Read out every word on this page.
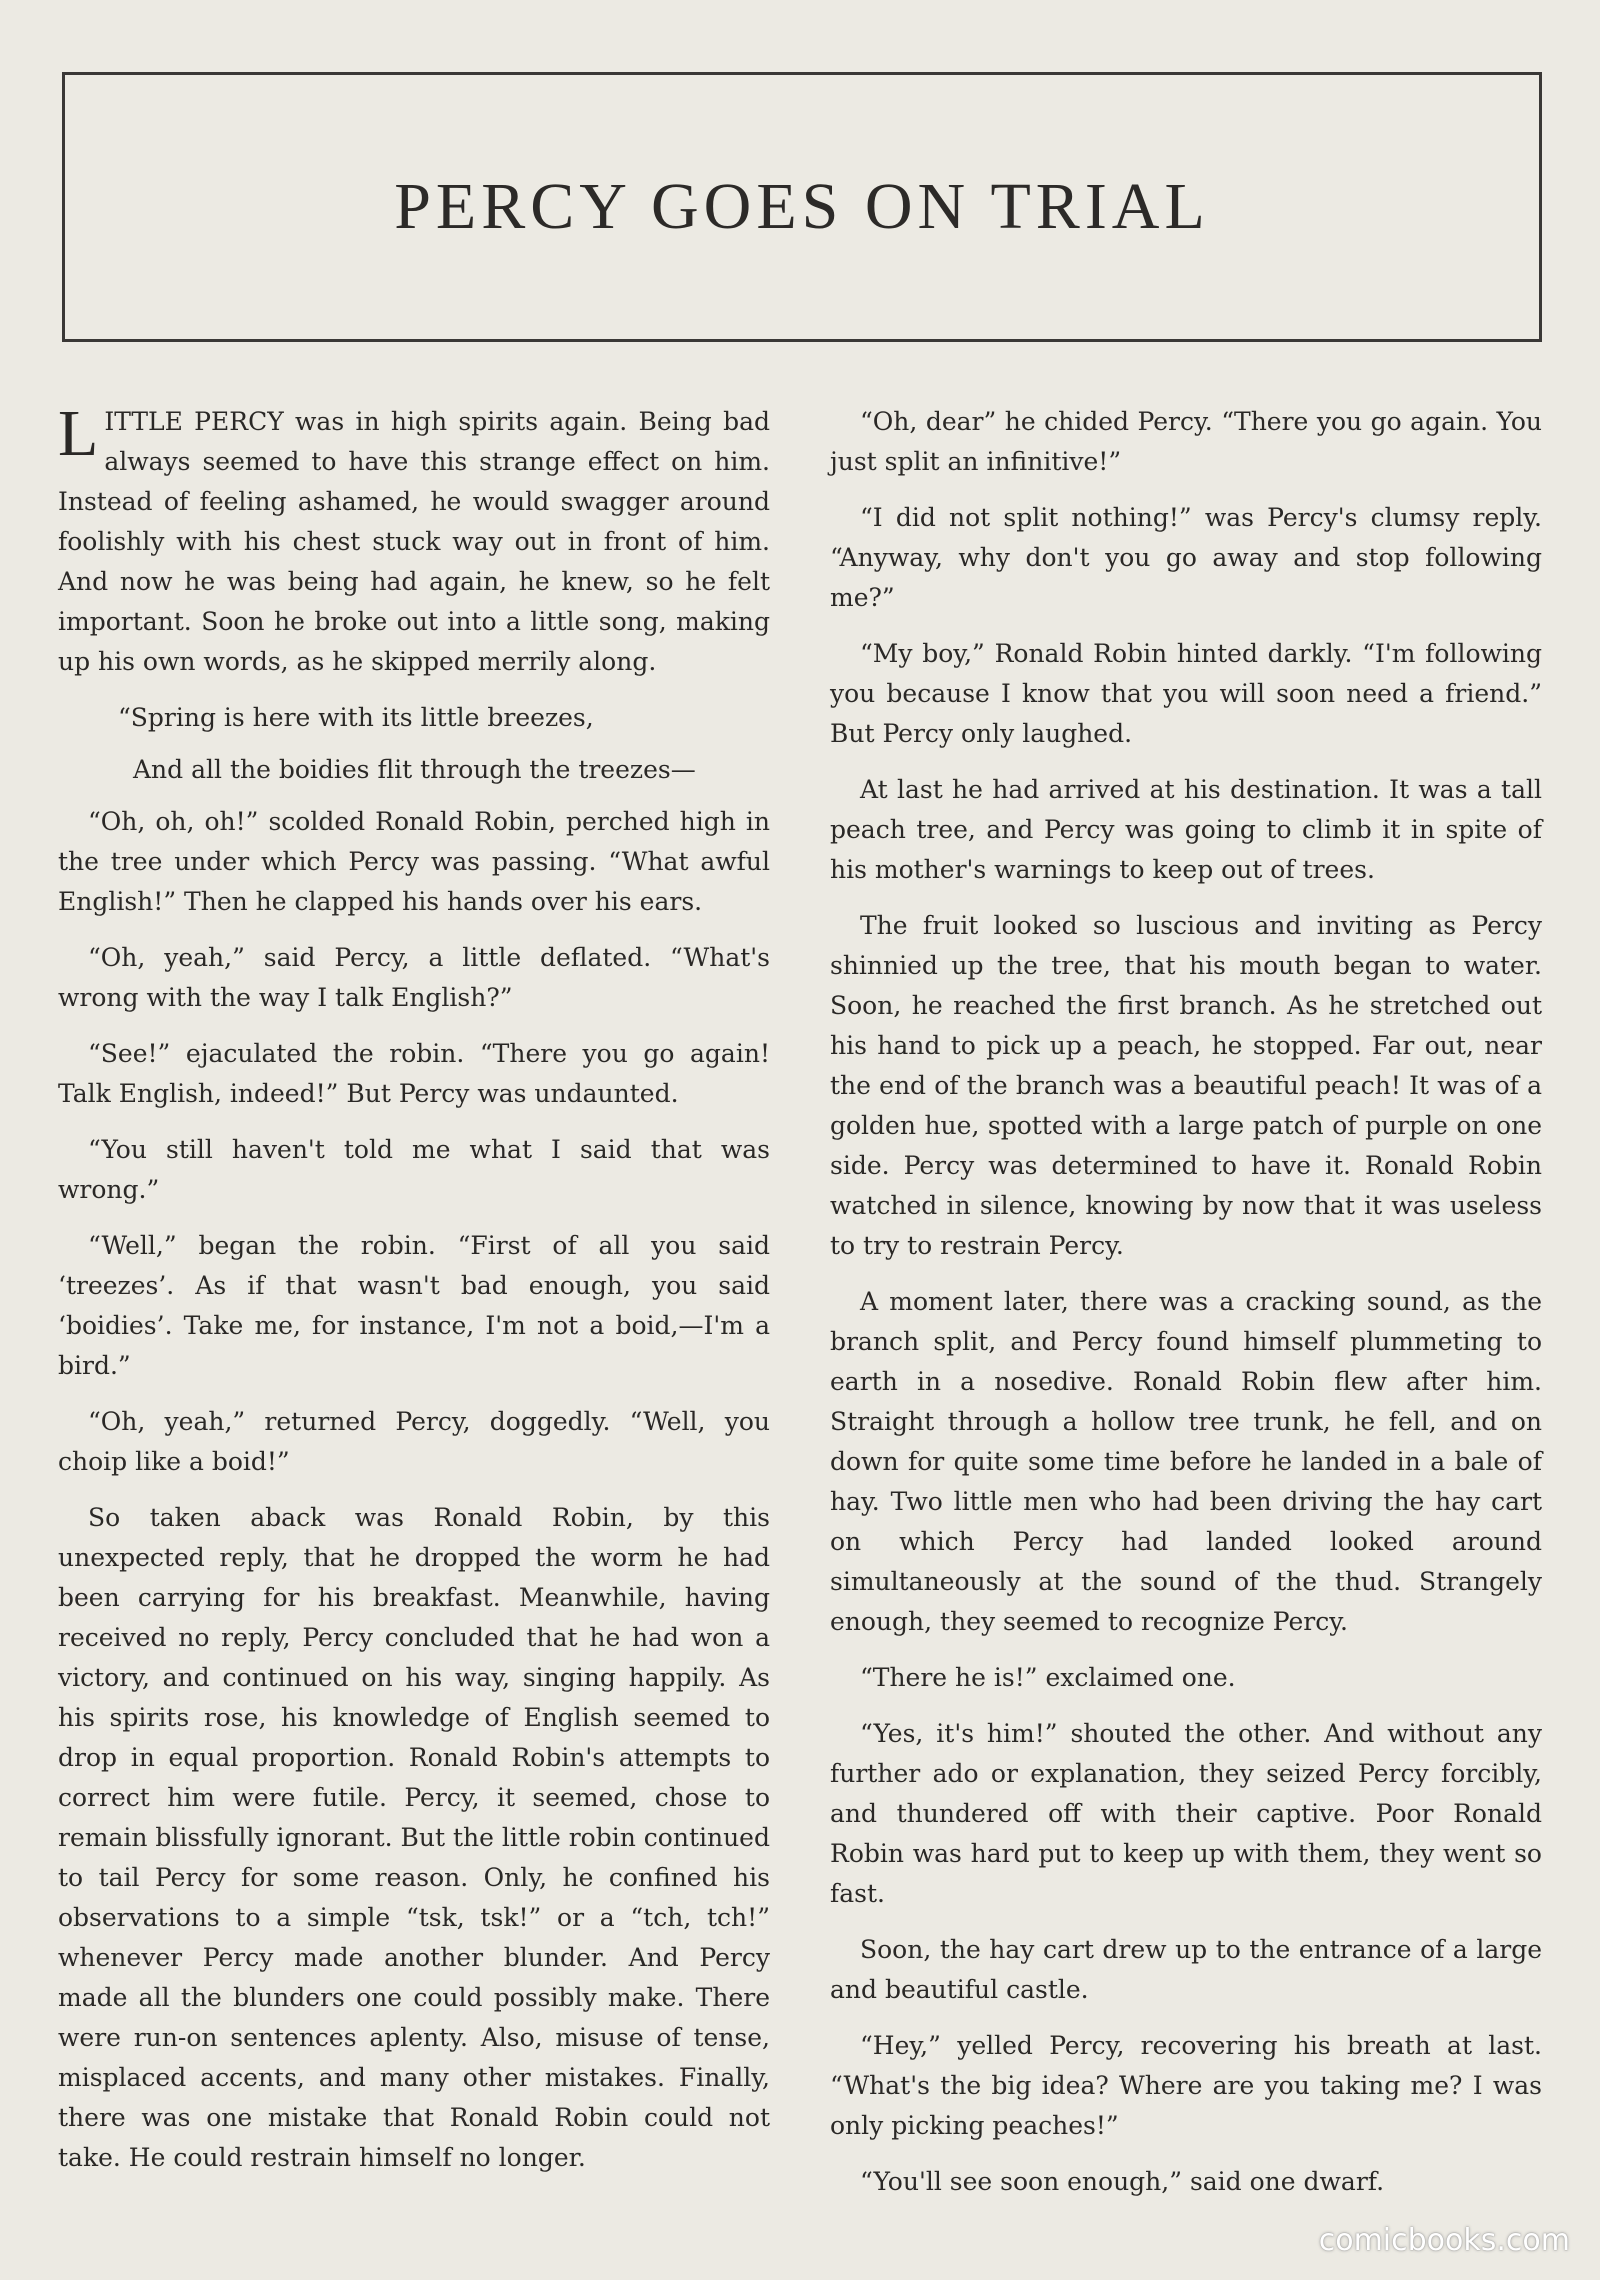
PERCY GOES ON TRIAL

LITTLE PERCY was in high spirits again. Being bad always seemed to have this strange effect on him. Instead of feeling ashamed, he would swagger around foolishly with his chest stuck way out in front of him. And now he was being had again, he knew, so he felt important. Soon he broke out into a little song, making up his own words, as he skipped merrily along.

“Spring is here with its little breezes,

And all the boidies flit through the treezes—

“Oh, oh, oh!” scolded Ronald Robin, perched high in the tree under which Percy was passing. “What awful English!” Then he clapped his hands over his ears.

“Oh, yeah,” said Percy, a little deflated. “What's wrong with the way I talk English?”

“See!” ejaculated the robin. “There you go again! Talk English, indeed!” But Percy was undaunted.

“You still haven't told me what I said that was wrong.”

“Well,” began the robin. “First of all you said ‘treezes’. As if that wasn't bad enough, you said ‘boidies’. Take me, for instance, I'm not a boid,—I'm a bird.”

“Oh, yeah,” returned Percy, doggedly. “Well, you choip like a boid!”

So taken aback was Ronald Robin, by this unexpected reply, that he dropped the worm he had been carrying for his breakfast. Meanwhile, having received no reply, Percy concluded that he had won a victory, and continued on his way, singing happily. As his spirits rose, his knowledge of English seemed to drop in equal proportion. Ronald Robin's attempts to correct him were futile. Percy, it seemed, chose to remain blissfully ignorant. But the little robin continued to tail Percy for some reason. Only, he confined his observations to a simple “tsk, tsk!” or a “tch, tch!” whenever Percy made another blunder. And Percy made all the blunders one could possibly make. There were run-on sentences aplenty. Also, misuse of tense, misplaced accents, and many other mistakes. Finally, there was one mistake that Ronald Robin could not take. He could restrain himself no longer.

“Oh, dear” he chided Percy. “There you go again. You just split an infinitive!”

“I did not split nothing!” was Percy's clumsy reply. “Anyway, why don't you go away and stop following me?”

“My boy,” Ronald Robin hinted darkly. “I'm following you because I know that you will soon need a friend.” But Percy only laughed.

At last he had arrived at his destination. It was a tall peach tree, and Percy was going to climb it in spite of his mother's warnings to keep out of trees.

The fruit looked so luscious and inviting as Percy shinnied up the tree, that his mouth began to water. Soon, he reached the first branch. As he stretched out his hand to pick up a peach, he stopped. Far out, near the end of the branch was a beautiful peach! It was of a golden hue, spotted with a large patch of purple on one side. Percy was determined to have it. Ronald Robin watched in silence, knowing by now that it was useless to try to restrain Percy.

A moment later, there was a cracking sound, as the branch split, and Percy found himself plummeting to earth in a nosedive. Ronald Robin flew after him. Straight through a hollow tree trunk, he fell, and on down for quite some time before he landed in a bale of hay. Two little men who had been driving the hay cart on which Percy had landed looked around simultaneously at the sound of the thud. Strangely enough, they seemed to recognize Percy.

“There he is!” exclaimed one.

“Yes, it's him!” shouted the other. And without any further ado or explanation, they seized Percy forcibly, and thundered off with their captive. Poor Ronald Robin was hard put to keep up with them, they went so fast.

Soon, the hay cart drew up to the entrance of a large and beautiful castle.

“Hey,” yelled Percy, recovering his breath at last. “What's the big idea? Where are you taking me? I was only picking peaches!”

“You'll see soon enough,” said one dwarf.

comicbooks.com
